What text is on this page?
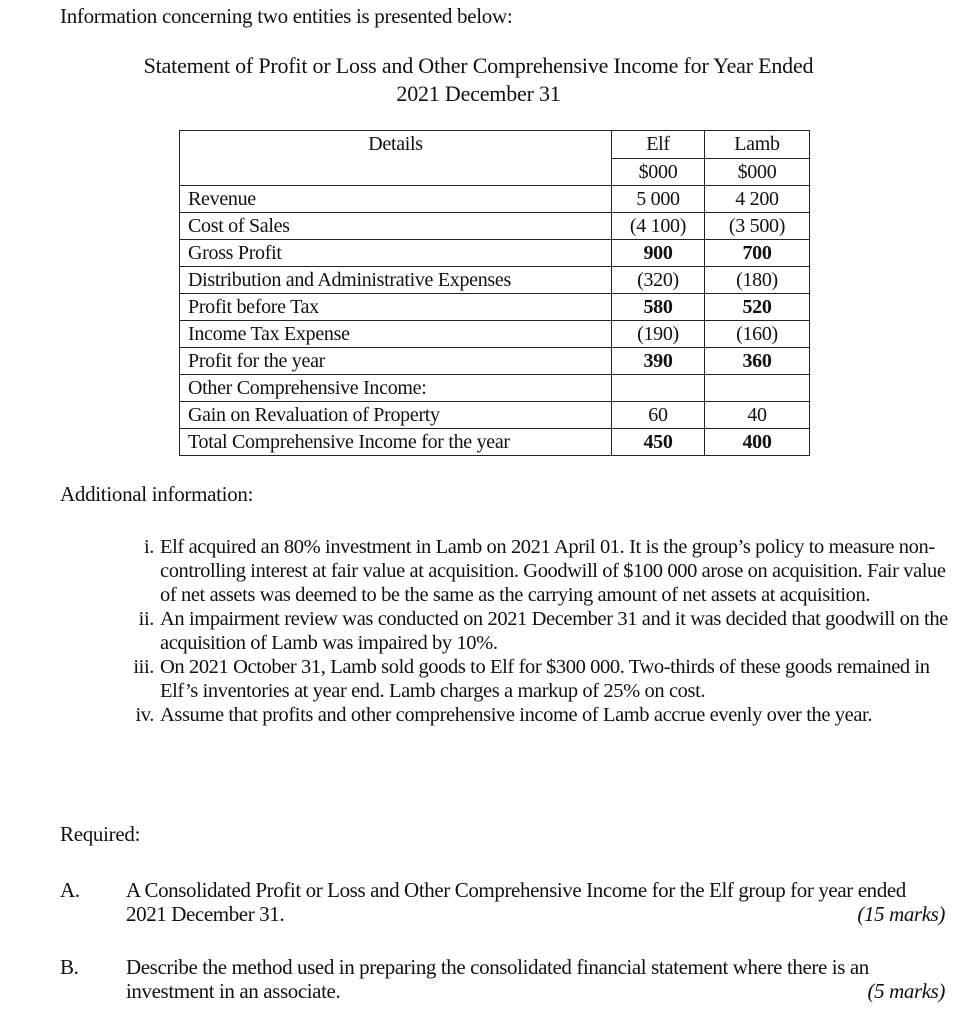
Information concerning two entities is presented below:
Statement of Profit or Loss and Other Comprehensive Income for Year Ended
2021 December 31
Details	Elf	Lamb
	$000	$000
Revenue	5 000	4 200
Cost of Sales	(4 100)	(3 500)
Gross Profit	900	700
Distribution and Administrative Expenses	(320)	(180)
Profit before Tax	580	520
Income Tax Expense	(190)	(160)
Profit for the year	390	360
Other Comprehensive Income:		
Gain on Revaluation of Property	60	40
Total Comprehensive Income for the year	450	400
Additional information:
i. Elf acquired an 80% investment in Lamb on 2021 April 01. It is the group’s policy to measure non-controlling interest at fair value at acquisition. Goodwill of $100 000 arose on acquisition. Fair value of net assets was deemed to be the same as the carrying amount of net assets at acquisition.
ii. An impairment review was conducted on 2021 December 31 and it was decided that goodwill on the acquisition of Lamb was impaired by 10%.
iii. On 2021 October 31, Lamb sold goods to Elf for $300 000. Two-thirds of these goods remained in Elf’s inventories at year end. Lamb charges a markup of 25% on cost.
iv. Assume that profits and other comprehensive income of Lamb accrue evenly over the year.
Required:
A. A Consolidated Profit or Loss and Other Comprehensive Income for the Elf group for year ended 2021 December 31.	(15 marks)
B. Describe the method used in preparing the consolidated financial statement where there is an investment in an associate.	(5 marks)
